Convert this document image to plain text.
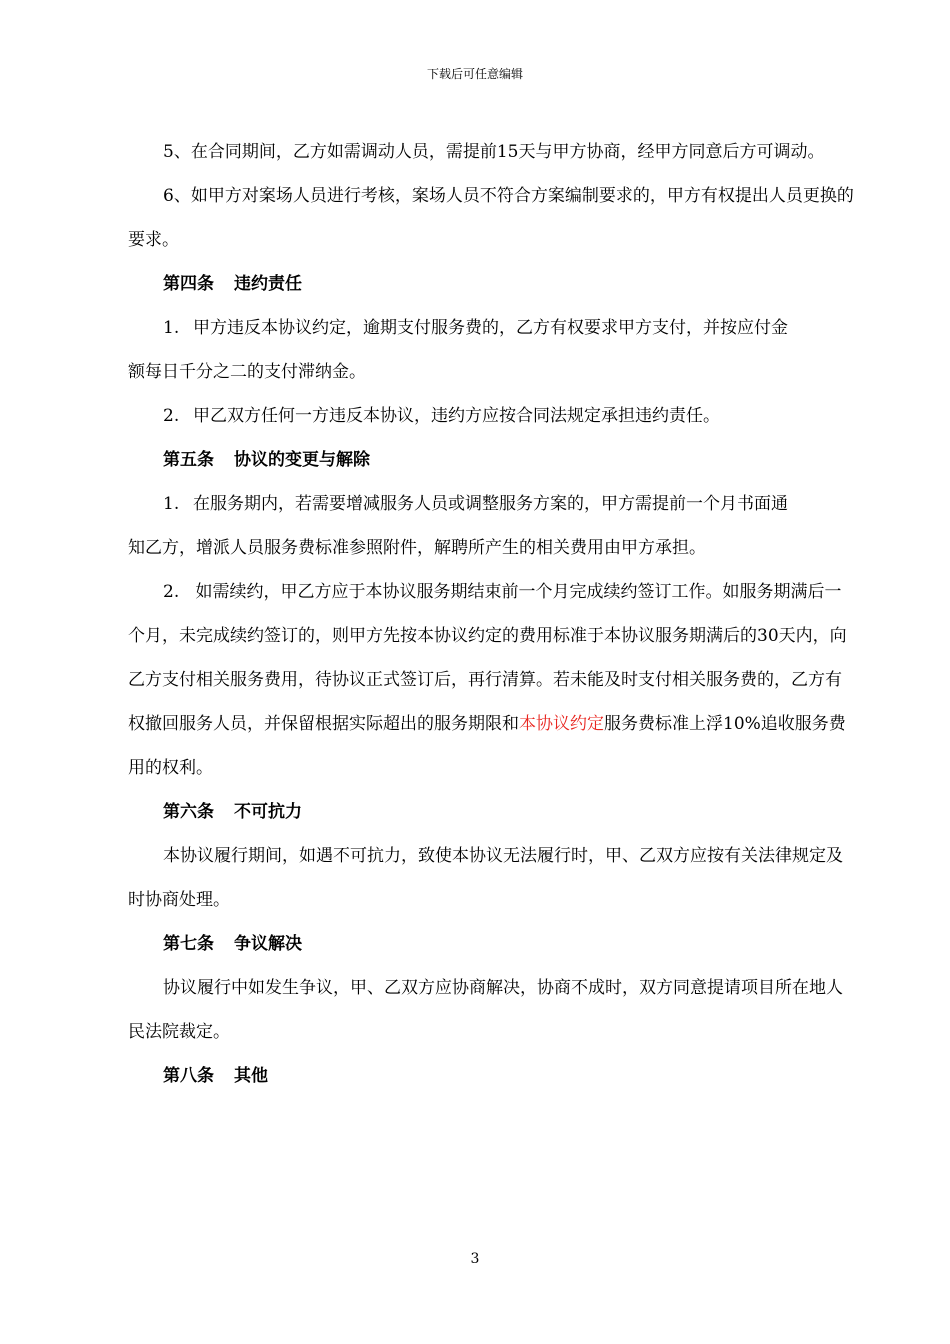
下载后可任意编辑

5、在合同期间，乙方如需调动人员，需提前15天与甲方协商，经甲方同意后方可调动。

6、如甲方对案场人员进行考核，案场人员不符合方案编制要求的，甲方有权提出人员更换的要求。

第四条 违约责任

1. 甲方违反本协议约定，逾期支付服务费的，乙方有权要求甲方支付，并按应付金

额每日千分之二的支付滞纳金。

2. 甲乙双方任何一方违反本协议，违约方应按合同法规定承担违约责任。

第五条 协议的变更与解除

1. 在服务期内，若需要增减服务人员或调整服务方案的，甲方需提前一个月书面通

知乙方，增派人员服务费标准参照附件，解聘所产生的相关费用由甲方承担。

2. 如需续约，甲乙方应于本协议服务期结束前一个月完成续约签订工作。如服务期满后一个月，未完成续约签订的，则甲方先按本协议约定的费用标准于本协议服务期满后的30天内，向乙方支付相关服务费用，待协议正式签订后，再行清算。若未能及时支付相关服务费的，乙方有权撤回服务人员，并保留根据实际超出的服务期限和本协议约定服务费标准上浮10%追收服务费用的权利。

第六条 不可抗力

本协议履行期间，如遇不可抗力，致使本协议无法履行时，甲、乙双方应按有关法律规定及时协商处理。

第七条 争议解决

协议履行中如发生争议，甲、乙双方应协商解决，协商不成时，双方同意提请项目所在地人民法院裁定。

第八条 其他

3
